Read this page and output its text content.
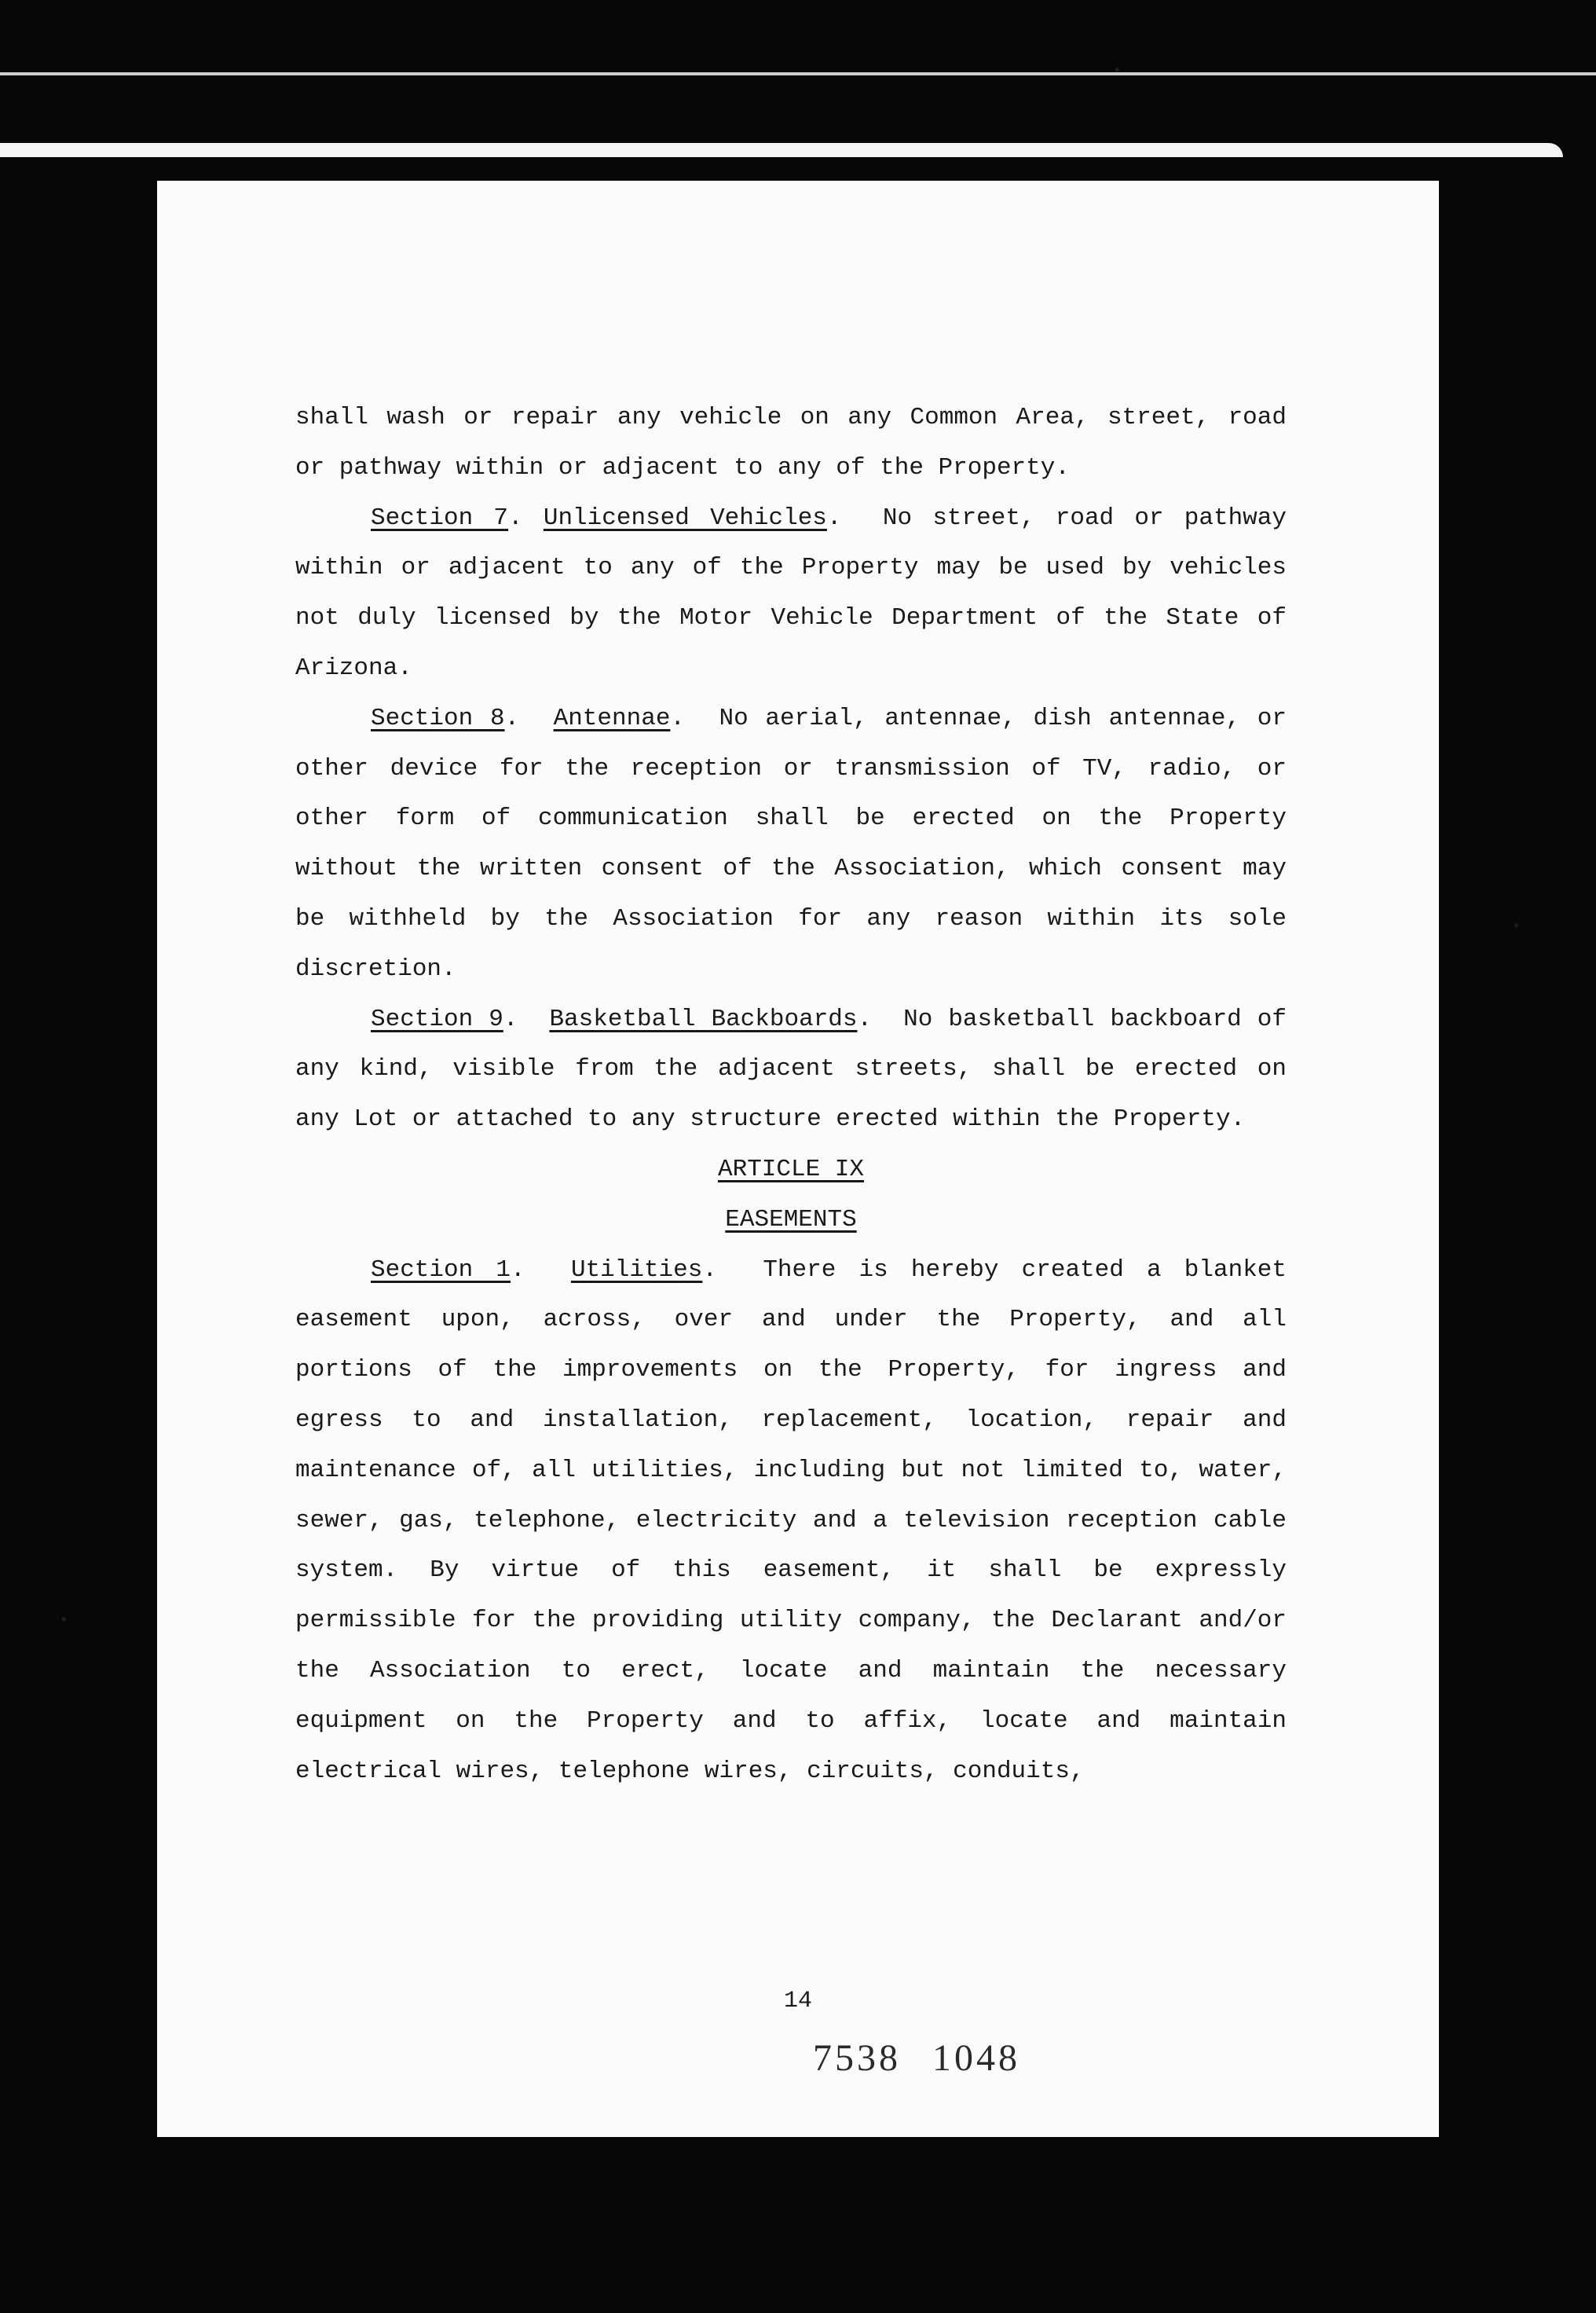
shall wash or repair any vehicle on any Common Area, street, road or pathway within or adjacent to any of the Property.

Section 7. Unlicensed Vehicles.  No street, road or pathway within or adjacent to any of the Property may be used by vehicles not duly licensed by the Motor Vehicle Department of the State of Arizona.

Section 8.  Antennae.  No aerial, antennae, dish antennae, or other device for the reception or transmission of TV, radio, or other form of communication shall be erected on the Property without the written consent of the Association, which consent may be withheld by the Association for any reason within its sole discretion.

Section 9.  Basketball Backboards.  No basketball backboard of any kind, visible from the adjacent streets, shall be erected on any Lot or attached to any structure erected within the Property.

ARTICLE IX

EASEMENTS

Section 1.  Utilities.  There is hereby created a blanket easement upon, across, over and under the Property, and all portions of the improvements on the Property, for ingress and egress to and installation, replacement, location, repair and maintenance of, all utilities, including but not limited to, water, sewer, gas, telephone, electricity and a television reception cable system. By virtue of this easement, it shall be expressly permissible for the providing utility company, the Declarant and/or the Association to erect, locate and maintain the necessary equipment on the Property and to affix, locate and maintain electrical wires, telephone wires, circuits, conduits,

14
7538 1048
